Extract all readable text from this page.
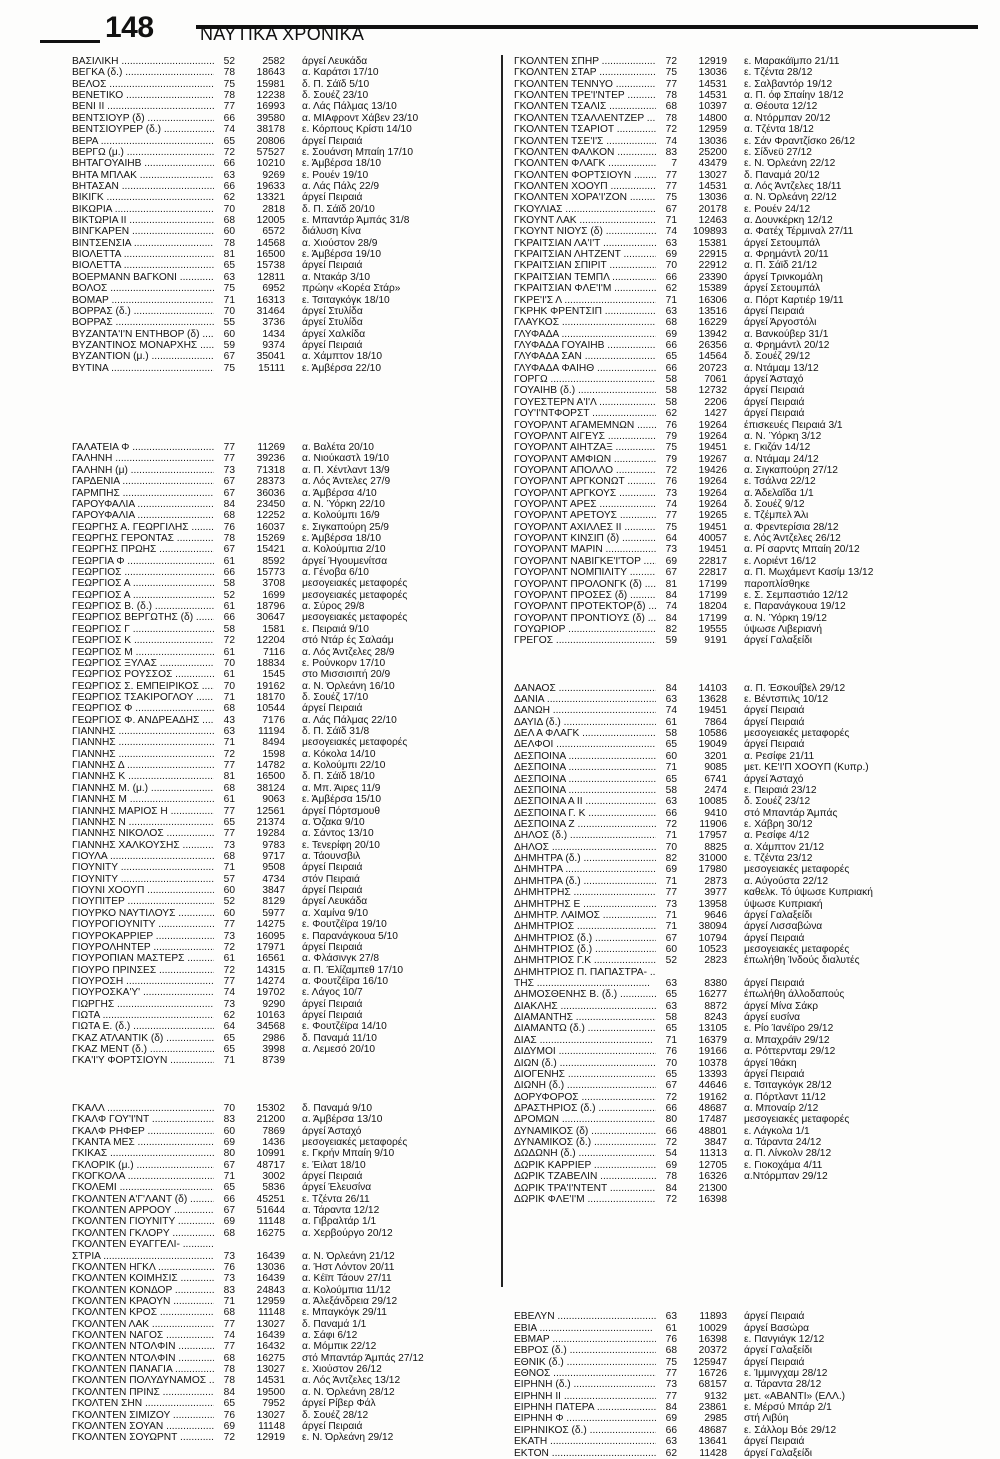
148	ΝΑΥΤΙΚΑ ΧΡΟΝΙΚΑ
ΒΑΣΙΛΙΚΗ .....	52	2582 άργεί Λευκάδα
ΒΕΓΚΑ (δ.) .....	78	18643 α. Καράτσι 17/10
ΒΕΛΟΣ .....	75	15981 δ. Π. Σάϊδ 5/10
ΒΕΝΕΤΙΚΟ .....	78	12238 δ. Σουέζ 23/10
ΒΕΝΙ ΙΙ .....	77	16993 α. Λάς Πάλμας 13/10
ΒΕΝΤΣΙΟΥΡ (δ) .....	66	39580 α. ΜΙΑφροντ Χάβεν 23/10
ΒΕΝΤΣΙΟΥΡΕΡ (δ.) .....	74	38178 ε. Κόρπους Κρίστι 14/10
ΒΕΡΑ .....	65	20806 άργεί Πειραιά
ΒΕΡΓΩ (μ.) .....	72	57527 ε. Σουάνση Μπαίη 17/10
ΒΗΤΑΓΟΥΑΙΗΒ .....	66	10210 ε. Άμβέρσα 18/10
ΒΗΤΑ ΜΠΛΑΚ .....	63	9269 ε. Ρουέν 19/10
ΒΗΤΑΣΑΝ .....	66	19633 α. Λάς Πάλς 22/9
ΒΙΚΙΓΚ .....	62	13321 άργεί Πειραιά
ΒΙΚΩΡΙΑ .....	70	2818 δ. Π. Σάϊδ 20/10
ΒΙΚΤΩΡΙΑ ΙΙ .....	68	12005 ε. Μπαντάρ Άμπάς 31/8
ΒΙΝΓΚΑΡΕΝ .....	60	6572 διάλυση Κίνα
ΒΙΝΤΣΕΝΣΙΑ .....	78	14568 α. Χιούστον 28/9
ΒΙΟΛΕΤΤΑ .....	81	16500 ε. Άμβέρσα 19/10
ΒΙΟΛΕΤΤΑ .....	65	15738 άργεί Πειραιά
ΒΟΕΡΜΑΝΝ ΒΑΓΚΟΝΙ .....	63	12811 α. Ντακάρ 3/10
ΒΟΛΟΣ .....	75	6952 πρώην «Κορέα Στάρ»
ΒΟΜΑΡ .....	71	16313 ε. Τσιταγκόγκ 18/10
ΒΟΡΡΑΣ (δ.) .....	70	31464 άργεί Στυλίδα
ΒΟΡΡΑΣ .....	55	3736 άργεί Στυλίδα
ΒΥΖΑΝΤΑ'Ι'Ν ΕΝΤΗΒΟΡ (δ) .....	60	1434 άργεί Χαλκίδα
ΒΥΖΑΝΤΙΝΟΣ ΜΟΝΑΡΧΗΣ .....	59	9374 άργεί Πειραιά
ΒΥΖΑΝΤΙΟΝ (μ.) .....	67	35041 α. Χάμπτον 18/10
ΒΥΤΙΝΑ .....	75	15111 ε. Άμβέρσα 22/10
ΓΑΛΑΤΕΙΑ Φ .....	77	11269 α. Βαλέτα 20/10
ΓΑΛΗΝΗ .....	77	39236 α. Νιούκαστλ 19/10
ΓΑΛΗΝΗ (μ) .....	73	71318 α. Π. Χέντλαντ 13/9
ΓΑΡΔΕΝΙΑ .....	67	28373 α. Λός Άντελες 27/9
ΓΑΡΜΠΗΣ .....	67	36036 α. Άμβέρσα 4/10
ΓΑΡΟΥΦΑΛΙΑ .....	84	23450 α. Ν. Ύόρκη 22/10
ΓΑΡΟΥΦΑΛΙΑ .....	68	12252 α. Κολούμπι 16/9
ΓΕΩΡΓΗΣ Α. ΓΕΩΡΓΙΛΗΣ .....	76	16037 ε. Σιγκαπούρη 25/9
ΓΕΩΡΓΗΣ ΓΕΡΟΝΤΑΣ .....	78	15269 ε. Άμβέρσα 18/10
ΓΕΩΡΓΗΣ ΠΡΩΗΣ .....	67	15421 α. Κολούμπια 2/10
ΓΕΩΡΓΙΑ Φ .....	61	8592 άργεί Ήγουμενίτσα
ΓΕΩΡΓΙΟΣ .....	66	15773 α. Γένοβα 6/10
ΓΕΩΡΓΙΟΣ Α .....	58	3708 μεσογειακές μεταφορές
ΓΕΩΡΓΙΟΣ Α .....	52	1699 μεσογειακές μεταφορές
ΓΕΩΡΓΙΟΣ Β. (δ.) .....	61	18796 α. Σύρος 29/8
ΓΕΩΡΓΙΟΣ ΒΕΡΓΩΤΗΣ (δ) .....	66	30647 μεσογειακές μεταφορές
ΓΕΩΡΓΙΟΣ Γ .....	58	1581 ε. Πειραιά 9/10
ΓΕΩΡΓΙΟΣ Κ .....	72	12204 στό Ντάρ ές Σαλαάμ
ΓΕΩΡΓΙΟΣ Μ .....	61	7116 α. Λός Άντζελες 28/9
ΓΕΩΡΓΙΟΣ ΞΥΛΑΣ .....	70	18834 ε. Ρούνκορν 17/10
ΓΕΩΡΓΙΟΣ ΡΟΥΣΣΟΣ .....	61	1545 στο Μισσισιπή 20/9
ΓΕΩΡΓΙΟΣ Σ. ΕΜΠΕΙΡΙΚΟΣ .....	70	19162 α. Ν. Όρλεάνη 16/10
ΓΕΩΡΓΙΟΣ ΤΣΑΚΙΡΟΓΛΟΥ .....	71	18170 δ. Σουέζ 17/10
ΓΕΩΡΓΙΟΣ Φ .....	68	10544 άργεί Πειραιά
ΓΕΩΡΓΙΟΣ Φ. ΑΝΔΡΕΑΔΗΣ .....	43	7176 α. Λάς Πάλμας 22/10
ΓΙΑΝΝΗΣ .....	63	11194 δ. Π. Σάϊδ 31/8
ΓΙΑΝΝΗΣ .....	71	8494 μεσογειακές μεταφορές
ΓΙΑΝΝΗΣ .....	72	1598 α. Κόκολα 14/10
ΓΙΑΝΝΗΣ Δ .....	77	14782 α. Κολούμπι 22/10
ΓΙΑΝΝΗΣ Κ .....	81	16500 δ. Π. Σάϊδ 18/10
ΓΙΑΝΝΗΣ Μ. (μ.) .....	68	38124 α. Μπ. Άιρες 11/9
ΓΙΑΝΝΗΣ Μ .....	61	9063 ε. Άμβέρσα 15/10
ΓΙΑΝΝΗΣ ΜΑΡΙΟΣ Η .....	77	12561 άργεί Πόρτσμουθ
ΓΙΑΝΝΗΣ Ν .....	65	21374 α. Όζακα 9/10
ΓΙΑΝΝΗΣ ΝΙΚΟΛΟΣ .....	77	19284 α. Σάντος 13/10
ΓΙΑΝΝΗΣ ΧΑΛΚΟΥΣΗΣ .....	73	9783 ε. Τενερίφη 20/10
ΓΙΟΥΛΑ .....	68	9717 α. Τάουνσβιλ
ΓΙΟΥΝΙΤΥ .....	71	9508 άργεί Πειραιά
ΓΙΟΥΝΙΤΥ .....	57	4734 στόν Πειραιά
ΓΙΟΥΝΙ ΧΟΟΥΠ .....	60	3847 άργεί Πειραιά
ΓΙΟΥΠΙΤΕΡ .....	52	8129 άργεί Λευκάδα
ΓΙΟΥΡΚΟ ΝΑΥΤΙΛΟΥΣ .....	60	5977 α. Χαμίνα 9/10
ΓΙΟΥΡΟΓΙΟΥΝΙΤΥ .....	77	14275 ε. Φουτζέϊρα 19/10
ΓΙΟΥΡΟΚΑΡΡΙΕΡ .....	73	16095 ε. Παρανάγκουα 5/10
ΓΙΟΥΡΟΛΗΝΤΕΡ .....	72	17971 άργεί Πειραιά
ΓΙΟΥΡΟΠΙΑΝ ΜΑΣΤΕΡΣ .....	61	16561 α. Φλάσινγκ 27/8
ΓΙΟΥΡΟ ΠΡΙΝΣΕΣ .....	72	14315 α. Π. Έλίζαμπεθ 17/10
ΓΙΟΥΡΟΣΗ .....	77	14274 α. Φουτζέϊρα 16/10
ΓΙΟΥΡΟΣΚΑ'Υ' .....	74	19702 ε. Λάγος 10/7
ΓΙΩΡΓΗΣ .....	73	9290 άργεί Πειραιά
ΓΙΩΤΑ .....	62	10163 άργεί Πειραιά
ΓΙΩΤΑ Ε. (δ.) .....	64	34568 ε. Φουτζέϊρα 14/10
ΓΚΑΖ ΑΤΛΑΝΤΙΚ (δ) .....	65	2986 δ. Παναμά 11/10
ΓΚΑΖ ΜΕΝΤ (δ.) .....	65	3998 α. Λεμεσό 20/10
ΓΚΑ'Ι'Υ ΦΟΡΤΣΙΟΥΝ .....	71	8739
ΓΚΑΛΛ .....	70	15302 δ. Παναμά 9/10
ΓΚΑΛΦ ΓΟΥ'Ι'ΝΤ .....	83	21200 α. Άμβέρσα 13/10
ΓΚΑΛΦ ΡΗΦΕΡ .....	60	7869 άργεί Άσταχό
ΓΚΑΝΤΑ ΜΕΣ .....	69	1436 μεσογειακές μεταφορές
ΓΚΙΚΑΣ .....	80	10991 ε. Γκρήν Μπαίη 9/10
ΓΚΛΟΡΙΚ (μ.) .....	67	48717 ε. Έιλατ 18/10
ΓΚΟΓΚΟΛΑ .....	71	3002 άργεί Πειραιά
ΓΚΟΛΕΜΙ .....	65	5836 άργεί Έλευσίνα
ΓΚΟΛΝΤΕΝ Α'Γ'ΛΑΝΤ (δ) .....	66	45251 ε. Τζέντα 26/11
ΓΚΟΛΝΤΕΝ ΑΡΡΟΟΥ .....	67	51644 α. Τάραντα 12/12
ΓΚΟΛΝΤΕΝ ΓΙΟΥΝΙΤΥ .....	69	11148 α. Γιβραλτάρ 1/1
ΓΚΟΛΝΤΕΝ ΓΚΛΟΡΥ .....	68	16275 α. Χερβούργο 20/12
ΓΚΟΛΝΤΕΝ ΕΥΑΓΓΕΛΙ- .....
ΣΤΡΙΑ .....	73	16439 α. Ν. Όρλεάνη 21/12
ΓΚΟΛΝΤΕΝ ΗΓΚΛ .....	76	13036 α. Ήστ Λόντον 20/11
ΓΚΟΛΝΤΕΝ ΚΟΙΜΗΣΙΣ .....	73	16439 α. Κέϊπ Τάουν 27/11
ΓΚΟΛΝΤΕΝ ΚΟΝΔΟΡ .....	83	24843 α. Κολούμπια 11/12
ΓΚΟΛΝΤΕΝ ΚΡΑΟΥΝ .....	71	12959 α. Άλεξάνδρεια 29/12
ΓΚΟΛΝΤΕΝ ΚΡΟΣ .....	68	11148 ε. Μπαγκόγκ 29/11
ΓΚΟΛΝΤΕΝ ΛΑΚ .....	77	13027 δ. Παναμά 1/1
ΓΚΟΛΝΤΕΝ ΝΑΓΟΣ .....	74	16439 α. Σάφι 6/12
ΓΚΟΛΝΤΕΝ ΝΤΟΛΦΙΝ .....	77	16432 α. Μόμπικ 22/12
ΓΚΟΛΝΤΕΝ ΝΤΟΛΦΙΝ .....	68	16275 στό Μπαντάρ Άμπάς 27/12
ΓΚΟΛΝΤΕΝ ΠΑΝΑΓΙΑ .....	78	13027 ε. Χιούστον 26/12
ΓΚΟΛΝΤΕΝ ΠΟΛΥΔΥΝΑΜΟΣ .....	78	14531 α. Λός Άντζελες 13/12
ΓΚΟΛΝΤΕΝ ΠΡΙΝΣ .....	84	19500 α. Ν. Όρλεάνη 28/12
ΓΚΟΛΤΕΝ ΣΗΝ .....	65	7952 άργεί Ρίβερ Φάλ
ΓΚΟΛΝΤΕΝ ΣΙΜΙΖΟΥ .....	76	13027 δ. Σουέζ 28/12
ΓΚΟΛΝΤΕΝ ΣΟΥΑΝ .....	69	11148 άργεί Πειραιά
ΓΚΟΛΝΤΕΝ ΣΟΥΩΡΝΤ .....	72	12919 ε. Ν. Όρλεάνη 29/12
ΓΚΟΛΝΤΕΝ ΣΠΗΡ .....	72	12919 ε. Μαρακάϊμπο 21/11
ΓΚΟΛΝΤΕΝ ΣΤΑΡ .....	75	13036 ε. Τζέντα 28/12
ΓΚΟΛΝΤΕΝ ΤΕΝΝΥΟ .....	77	14531 ε. Σαλβαντόρ 19/12
ΓΚΟΛΝΤΕΝ ΤΡΕ'Ι'ΝΤΕΡ .....	78	14531 α. Π. όφ Σπαίην 18/12
ΓΚΟΛΝΤΕΝ ΤΣΑΛΙΣ .....	68	10397 α. Θέουτα 12/12
ΓΚΟΛΝΤΕΝ ΤΣΑΛΛΕΝΤΖΕΡ .....	78	14800 α. Ντόρμπαν 20/12
ΓΚΟΛΝΤΕΝ ΤΣΑΡΙΟΤ .....	72	12959 α. Τζέντα 18/12
ΓΚΟΛΝΤΕΝ ΤΣΕ'Ι'Σ .....	74	13036 ε. Σάν Φραντζίσκο 26/12
ΓΚΟΛΝΤΕΝ ΦΑΛΚΟΝ .....	83	25200 ε. Σίδνεϋ 27/12
ΓΚΟΛΝΤΕΝ ΦΛΑΓΚ .....	7	43479 ε. Ν. Όρλεάνη 22/12
ΓΚΟΛΝΤΕΝ ΦΟΡΤΣΙΟΥΝ .....	77	13027 δ. Παναμά 20/12
ΓΚΟΛΝΤΕΝ ΧΟΟΥΠ .....	77	14531 α. Λός Άντζελες 18/11
ΓΚΟΛΝΤΕΝ ΧΟΡΑ'Ι'ΖΟΝ .....	75	13036 α. Ν. Όρλεάνη 22/12
ΓΚΟΥΛΙΑΣ .....	67	20178 ε. Ρουέν 24/12
ΓΚΟΥΝΤ ΛΑΚ .....	71	12463 α. Δουνκέρκη 12/12
ΓΚΟΥΝΤ ΝΙΟΥΣ (δ) .....	74	109893 α. Φατέχ Τέρμιναλ 27/11
ΓΚΡΑΙΤΣΙΑΝ ΛΑ'Ι'Τ .....	63	15381 άργεί Σετουμπάλ
ΓΚΡΑΙΤΣΙΑΝ ΛΗΤΖΕΝΤ .....	69	22915 α. Φρημάντλ 20/11
ΓΚΡΑΙΤΣΙΑΝ ΣΠΙΡΙΤ .....	70	22912 α. Π. Σάϊδ 21/12
ΓΚΡΑΙΤΣΙΑΝ ΤΕΜΠΛ .....	66	23390 άργεί Τρινκομάλη
ΓΚΡΑΙΤΣΙΑΝ ΦΛΕ'Ι'Μ .....	62	15389 άργεί Σετουμπάλ
ΓΚΡΕ'Ι'Σ Λ .....	71	16306 α. Πόρτ Καρτιέρ 19/11
ΓΚΡΗΚ ΦΡΕΝΤΣΙΠ .....	63	13516 άργεί Πειραιά
ΓΛΑΥΚΟΣ .....	68	16229 άργεί Άργοστόλι
ΓΛΥΦΑΔΑ .....	69	13942 α. Βανκούβερ 31/1
ΓΛΥΦΑΔΑ ΓΟΥΑΙΗΒ .....	66	26356 α. Φρημάντλ 20/12
ΓΛΥΦΑΔΑ ΣΑΝ .....	65	14564 δ. Σουέζ 29/12
ΓΛΥΦΑΔΑ ΦΑΙΗΘ .....	66	20723 α. Ντάμαμ 13/12
ΓΟΡΓΩ .....	58	7061 άργεί Άσταχό
ΓΟΥΑΙΗΒ (δ.) .....	58	12732 άργεί Πειραιά
ΓΟΥΕΣΤΕΡΝ Α'Ι'Λ .....	58	2206 άργεί Πειραιά
ΓΟΥ'Ι'ΝΤΦΟΡΣΤ .....	62	1427 άργεί Πειραιά
ΓΟΥΟΡΛΝΤ ΑΓΑΜΕΜΝΩΝ .....	76	19264 έπισκευές Πειραιά 3/1
ΓΟΥΟΡΛΝΤ ΑΙΓΕΥΣ .....	79	19264 α. Ν. Ύόρκη 3/12
ΓΟΥΟΡΛΝΤ ΑΙΗΤΖΑΞ .....	75	19451 ε. Γκιζάν 14/12
ΓΟΥΟΡΛΝΤ ΑΜΦΙΩΝ .....	79	19267 α. Ντάμαμ 24/12
ΓΟΥΟΡΛΝΤ ΑΠΟΛΛΟ .....	72	19426 α. Σιγκαπούρη 27/12
ΓΟΥΟΡΛΝΤ ΑΡΓΚΟΝΩΤ .....	76	19264 ε. Τσάλνα 22/12
ΓΟΥΟΡΛΝΤ ΑΡΓΚΟΥΣ .....	73	19264 α. Άδελαΐδα 1/1
ΓΟΥΟΡΛΝΤ ΑΡΕΣ .....	74	19264 δ. Σουέζ 9/12
ΓΟΥΟΡΛΝΤ ΑΡΕΤΟΥΣ .....	77	19265 ε. Τζέμπελ Άλι
ΓΟΥΟΡΛΝΤ ΑΧΙΛΛΕΣ ΙΙ .....	75	19451 α. Φρεντερίσια 28/12
ΓΟΥΟΡΛΝΤ ΚΙΝΣΙΠ (δ) .....	64	40057 ε. Λός Άντζελες 26/12
ΓΟΥΟΡΛΝΤ ΜΑΡΙΝ .....	73	19451 α. Ρί σαρντς Μπαίη 20/12
ΓΟΥΟΡΛΝΤ ΝΑΒΙΓΚΕ'Ι'ΤΟΡ .....	69	22817 ε. Λοριέντ 16/12
ΓΟΥΟΡΛΝΤ ΝΟΜΠΙΛΙΤΥ .....	67	22817 α. Π. Μωχάμεντ Κασίμ 13/12
ΓΟΥΟΡΛΝΤ ΠΡΟΛΟΝΓΚ (δ) .....	81	17199 παροπλίσθηκε
ΓΟΥΟΡΛΝΤ ΠΡΟΣΕΣ (δ) .....	84	17199 ε. Σ. Σεμπαστιάο 12/12
ΓΟΥΟΡΛΝΤ ΠΡΟΤΕΚΤΟΡ(δ) .....	74	18204 ε. Παρανάγκουα 19/12
ΓΟΥΟΡΛΝΤ ΠΡΟΝΤΙΟΥΣ (δ) .....	84	17199 α. Ν. Ύόρκη 19/12
ΓΟΥΩΡΙΟΡ .....	82	19555 ύψωσε Λιβεριανή
ΓΡΕΓΟΣ .....	59	9191 άργεί Γαλαξείδι
ΔΑΝΑΟΣ .....	84	14103 α. Π. Έσκουΐβελ 29/12
ΔΑΝΙΑ .....	63	13628 ε. Βέντσπιλς 10/12
ΔΑΝΩΗ .....	74	19451 άργεί Πειραιά
ΔΑΥΙΔ (δ.) .....	61	7864 άργεί Πειραιά
ΔΕΛ Α ΦΛΑΓΚ .....	58	10586 μεσογειακές μεταφορές
ΔΕΛΦΟΙ .....	65	19049 άργεί Πειραιά
ΔΕΣΠΟΙΝΑ .....	60	3201 α. Ρεσίφε 21/11
ΔΕΣΠΟΙΝΑ .....	71	9085 μετ. ΚΕ'Ι'Π ΧΟΟΥΠ (Κυπρ.)
ΔΕΣΠΟΙΝΑ .....	65	6741 άργεί Άσταχό
ΔΕΣΠΟΙΝΑ .....	58	2474 ε. Πειραιά 23/12
ΔΕΣΠΟΙΝΑ Α ΙΙ .....	63	10085 δ. Σουέζ 23/12
ΔΕΣΠΟΙΝΑ Γ. Κ .....	66	9410 στό Μπαντάρ Άμπάς
ΔΕΣΠΟΙΝΑ Ζ .....	72	11906 ε. Χάβρη 30/12
ΔΗΛΟΣ (δ.) .....	71	17957 α. Ρεσίφε 4/12
ΔΗΛΟΣ .....	70	8825 α. Χάμπτον 21/12
ΔΗΜΗΤΡΑ (δ.) .....	82	31000 ε. Τζέντα 23/12
ΔΗΜΗΤΡΑ .....	69	17980 μεσογειακές μεταφορές
ΔΗΜΗΤΡΑ (δ.) .....	71	2873 α. Αύγούστα 22/12
ΔΗΜΗΤΡΗΣ .....	77	3977 καθελκ. Τό ύψωσε Κυπριακή
ΔΗΜΗΤΡΗΣ Ε .....	73	13958 ύψωσε Κυπριακή
ΔΗΜΗΤΡ. ΛΑΙΜΟΣ .....	71	9646 άργεί Γαλαξείδι
ΔΗΜΗΤΡΙΟΣ .....	71	38094 άργεί Λισσαβώνα
ΔΗΜΗΤΡΙΟΣ (δ.) .....	67	10794 άργεί Πειραιά
ΔΗΜΗΤΡΙΟΣ (δ.) .....	60	10523 μεσογειακές μεταφορές
ΔΗΜΗΤΡΙΟΣ Γ.Κ .....	52	2823 έπωλήθη Ίνδούς διαλυτές
ΔΗΜΗΤΡΙΟΣ Π. ΠΑΠΑΣΤΡΑ- .....
ΤΗΣ .....	63	8380 άργεί Πειραιά
ΔΗΜΟΣΘΕΝΗΣ Β. (δ.) .....	65	16277 έπωλήθη άλλοδαπούς
ΔΙΑΚΛΗΣ .....	63	8872 άργεί Μίνα Σάκρ
ΔΙΑΜΑΝΤΗΣ .....	58	8243 άργεί ευσίνα
ΔΙΑΜΑΝΤΩ (δ.) .....	65	13105 ε. Ρίο Ίανέϊρο 29/12
ΔΙΑΣ .....	71	16379 α. Μπαχράϊν 29/12
ΔΙΔΥΜΟΙ .....	76	19166 α. Ρόττερνταμ 29/12
ΔΙΩΝ (δ.) .....	70	10378 άργεί Ίθάκη
ΔΙΟΓΕΝΗΣ .....	65	13393 άργεί Πειραιά
ΔΙΩΝΗ (δ.) .....	67	44646 ε. Τσιταγκόγκ 28/12
ΔΟΡΥΦΟΡΟΣ .....	72	19162 α. Πόρτλαντ 11/12
ΔΡΑΣΤΗΡΙΟΣ (δ.) .....	66	48687 α. Μποναίρ 2/12
ΔΡΟΜΩΝ .....	80	17487 μεσογειακές μεταφορές
ΔΥΝΑΜΙΚΟΣ (δ) .....	66	48801 ε. Λάγκολα 1/1
ΔΥΝΑΜΙΚΟΣ (δ.) .....	72	3847 α. Τάραντα 24/12
ΔΩΔΩΝΗ (δ.) .....	54	11313 α. Π. Λίνκολν 28/12
ΔΩΡΙΚ ΚΑΡΡΙΕΡ .....	69	12705 ε. Γιοκοχάμα 4/11
ΔΩΡΙΚ ΤΖΑΒΕΛΙΝ .....	78	16326 α.Ντόρμπαν 29/12
ΔΩΡΙΚ ΤΡΑ'Ι'ΝΤΕΝΤ .....	84	21300
ΔΩΡΙΚ ΦΛΕ'Ι'Μ .....	72	16398
ΕΒΕΛΥΝ .....	63	11893 άργεί Πειραιά
ΕΒΙΑ .....	61	10029 άργεί Βασώρα
ΕΒΜΑΡ .....	76	16398 ε. Πανγιάγκ 12/12
ΕΒΡΟΣ (δ.) .....	68	20372 άργεί Γαλαξείδι
ΕΘΝΙΚ (δ.) .....	75	125947 άργεί Πειραιά
ΕΘΝΟΣ .....	77	16726 ε. Ίμμινγχαμ 28/12
ΕΙΡΗΝΗ (δ.) .....	73	68157 α. Τάραντα 28/12
ΕΙΡΗΝΗ ΙΙ .....	77	9132 μετ. «ΑΒΑΝΤΙ» (ΕΛΛ.)
ΕΙΡΗΝΗ ΠΑΤΕΡΑ .....	84	23861 ε. Μέρσύ Μπάρ 2/1
ΕΙΡΗΝΗ Φ .....	69	2985 στή Λιβύη
ΕΙΡΗΝΙΚΟΣ (δ.) .....	66	48687 ε. Σάλλομ Βόε 29/12
ΕΚΑΤΗ .....	63	13641 άργεί Πειραιά
ΕΚΤΟΝ .....	62	11428 άργεί Γαλαξείδι
